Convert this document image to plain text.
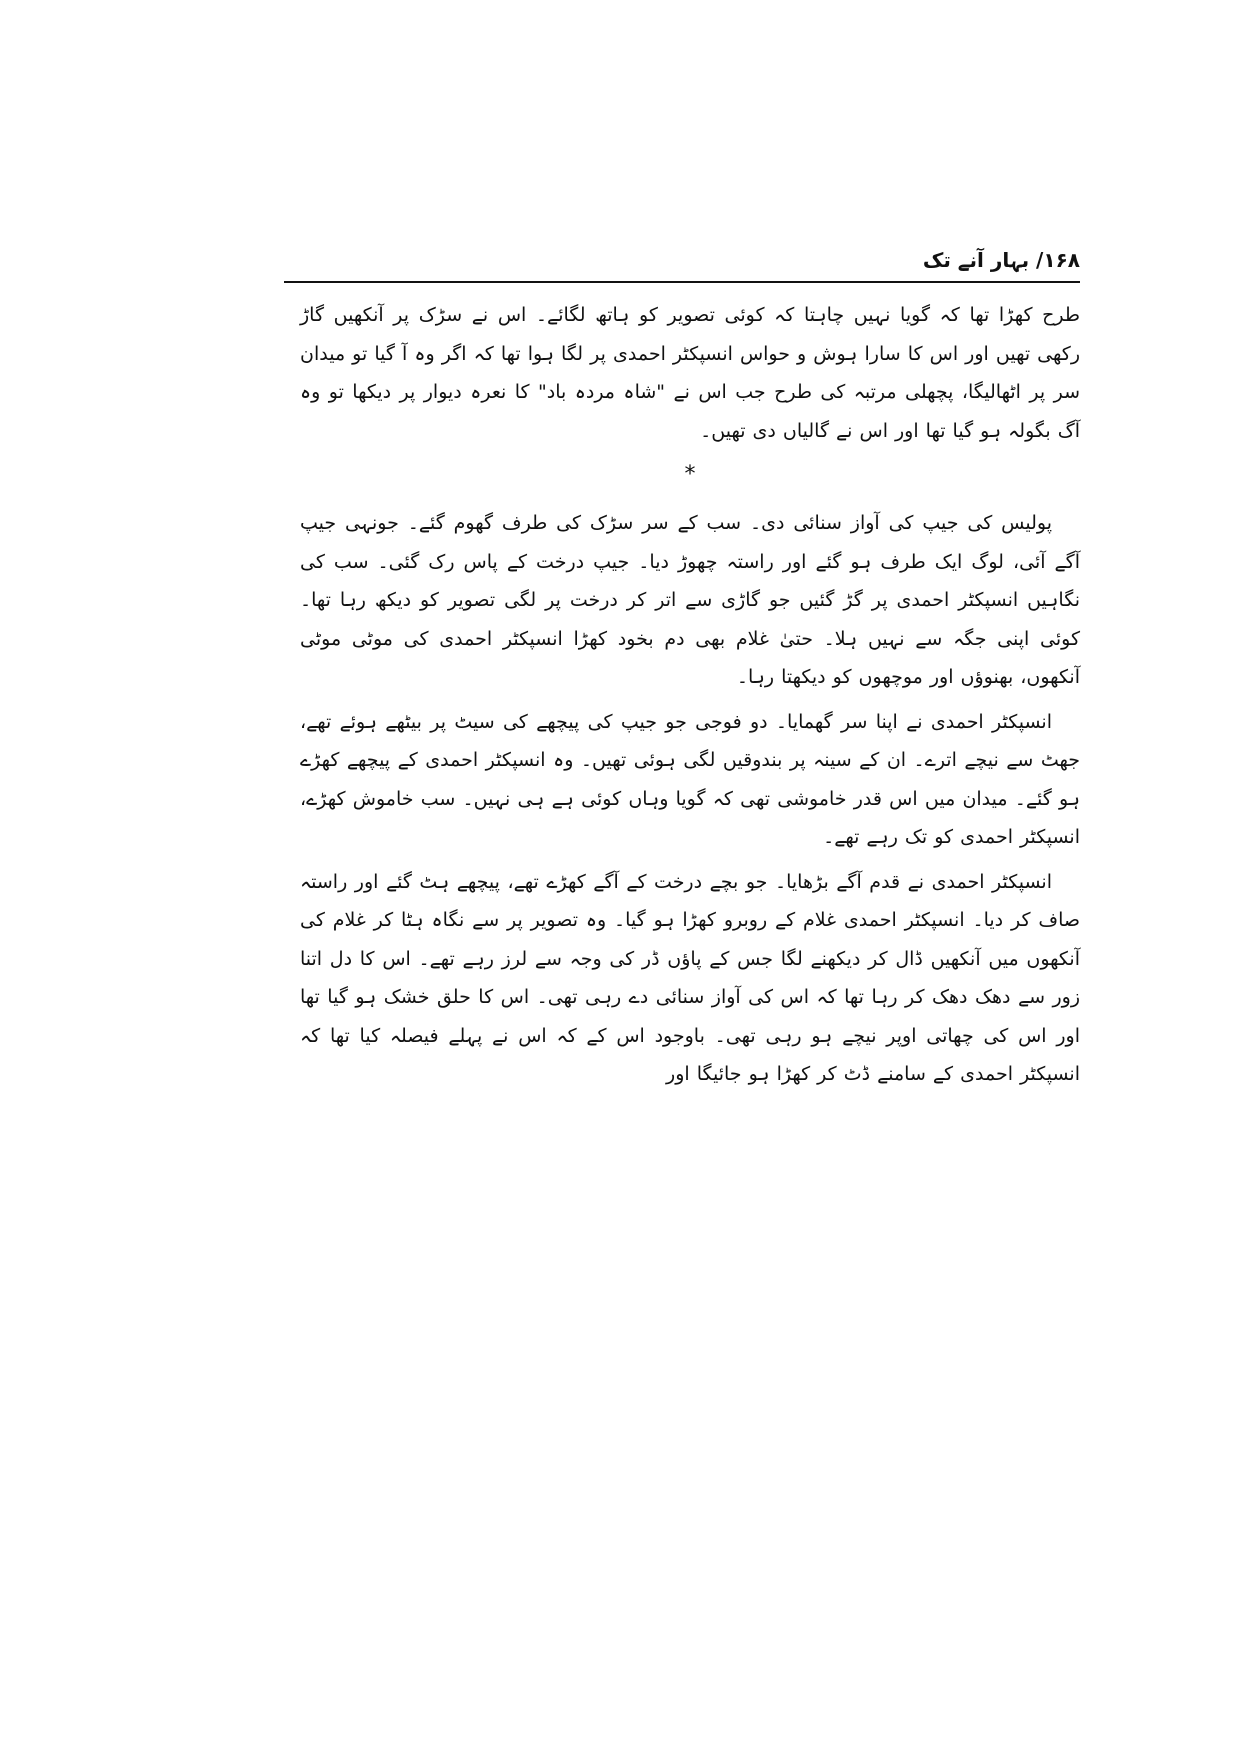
۱۶۸/ بہار آنے تک

طرح کھڑا تھا کہ گویا نہیں چاہتا کہ کوئی تصویر کو ہاتھ لگائے۔ اس نے سڑک پر آنکھیں گاڑ رکھی تھیں اور اس کا سارا ہوش و حواس انسپکٹر احمدی پر لگا ہوا تھا کہ اگر وہ آ گیا تو میدان سر پر اٹھالیگا، پچھلی مرتبہ کی طرح جب اس نے "شاہ مردہ باد" کا نعرہ دیوار پر دیکھا تو وہ آگ بگولہ ہو گیا تھا اور اس نے گالیاں دی تھیں۔

*

پولیس کی جیپ کی آواز سنائی دی۔ سب کے سر سڑک کی طرف گھوم گئے۔ جونہی جیپ آگے آئی، لوگ ایک طرف ہو گئے اور راستہ چھوڑ دیا۔ جیپ درخت کے پاس رک گئی۔ سب کی نگاہیں انسپکٹر احمدی پر گڑ گئیں جو گاڑی سے اتر کر درخت پر لگی تصویر کو دیکھ رہا تھا۔ کوئی اپنی جگہ سے نہیں ہلا۔ حتیٰ غلام بھی دم بخود کھڑا انسپکٹر احمدی کی موٹی موٹی آنکھوں، بھنوؤں اور موچھوں کو دیکھتا رہا۔

انسپکٹر احمدی نے اپنا سر گھمایا۔ دو فوجی جو جیپ کی پیچھے کی سیٹ پر بیٹھے ہوئے تھے، جھٹ سے نیچے اترے۔ ان کے سینہ پر بندوقیں لگی ہوئی تھیں۔ وہ انسپکٹر احمدی کے پیچھے کھڑے ہو گئے۔ میدان میں اس قدر خاموشی تھی کہ گویا وہاں کوئی ہے ہی نہیں۔ سب خاموش کھڑے، انسپکٹر احمدی کو تک رہے تھے۔

انسپکٹر احمدی نے قدم آگے بڑھایا۔ جو بچے درخت کے آگے کھڑے تھے، پیچھے ہٹ گئے اور راستہ صاف کر دیا۔ انسپکٹر احمدی غلام کے روبرو کھڑا ہو گیا۔ وہ تصویر پر سے نگاہ ہٹا کر غلام کی آنکھوں میں آنکھیں ڈال کر دیکھنے لگا جس کے پاؤں ڈر کی وجہ سے لرز رہے تھے۔ اس کا دل اتنا زور سے دھک دھک کر رہا تھا کہ اس کی آواز سنائی دے رہی تھی۔ اس کا حلق خشک ہو گیا تھا اور اس کی چھاتی اوپر نیچے ہو رہی تھی۔ باوجود اس کے کہ اس نے پہلے فیصلہ کیا تھا کہ انسپکٹر احمدی کے سامنے ڈٹ کر کھڑا ہو جائیگا اور
